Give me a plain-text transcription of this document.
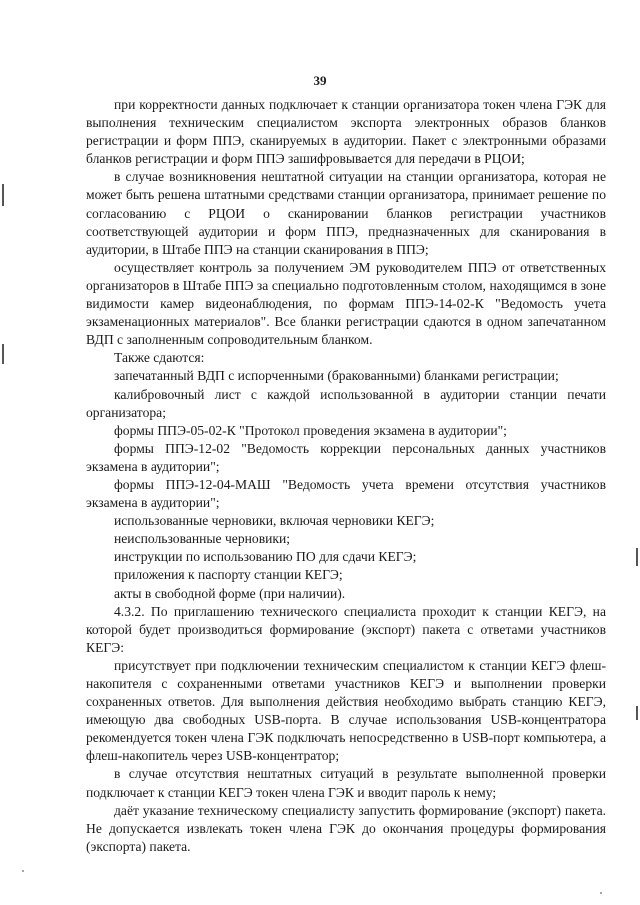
39

при корректности данных подключает к станции организатора токен члена ГЭК для выполнения техническим специалистом экспорта электронных образов бланков регистрации и форм ППЭ, сканируемых в аудитории. Пакет с электронными образами бланков регистрации и форм ППЭ зашифровывается для передачи в РЦОИ;

в случае возникновения нештатной ситуации на станции организатора, которая не может быть решена штатными средствами станции организатора, принимает решение по согласованию с РЦОИ о сканировании бланков регистрации участников соответствующей аудитории и форм ППЭ, предназначенных для сканирования в аудитории, в Штабе ППЭ на станции сканирования в ППЭ;

осуществляет контроль за получением ЭМ руководителем ППЭ от ответственных организаторов в Штабе ППЭ за специально подготовленным столом, находящимся в зоне видимости камер видеонаблюдения, по формам ППЭ-14-02-К "Ведомость учета экзаменационных материалов". Все бланки регистрации сдаются в одном запечатанном ВДП с заполненным сопроводительным бланком.

Также сдаются:

запечатанный ВДП с испорченными (бракованными) бланками регистрации;

калибровочный лист с каждой использованной в аудитории станции печати организатора;

формы ППЭ-05-02-К "Протокол проведения экзамена в аудитории";

формы ППЭ-12-02 "Ведомость коррекции персональных данных участников экзамена в аудитории";

формы ППЭ-12-04-МАШ "Ведомость учета времени отсутствия участников экзамена в аудитории";

использованные черновики, включая черновики КЕГЭ;

неиспользованные черновики;

инструкции по использованию ПО для сдачи КЕГЭ;

приложения к паспорту станции КЕГЭ;

акты в свободной форме (при наличии).

4.3.2. По приглашению технического специалиста проходит к станции КЕГЭ, на которой будет производиться формирование (экспорт) пакета с ответами участников КЕГЭ:

присутствует при подключении техническим специалистом к станции КЕГЭ флеш-накопителя с сохраненными ответами участников КЕГЭ и выполнении проверки сохраненных ответов. Для выполнения действия необходимо выбрать станцию КЕГЭ, имеющую два свободных USB-порта. В случае использования USB-концентратора рекомендуется токен члена ГЭК подключать непосредственно в USB-порт компьютера, а флеш-накопитель через USB-концентратор;

в случае отсутствия нештатных ситуаций в результате выполненной проверки подключает к станции КЕГЭ токен члена ГЭК и вводит пароль к нему;

даёт указание техническому специалисту запустить формирование (экспорт) пакета. Не допускается извлекать токен члена ГЭК до окончания процедуры формирования (экспорта) пакета.
